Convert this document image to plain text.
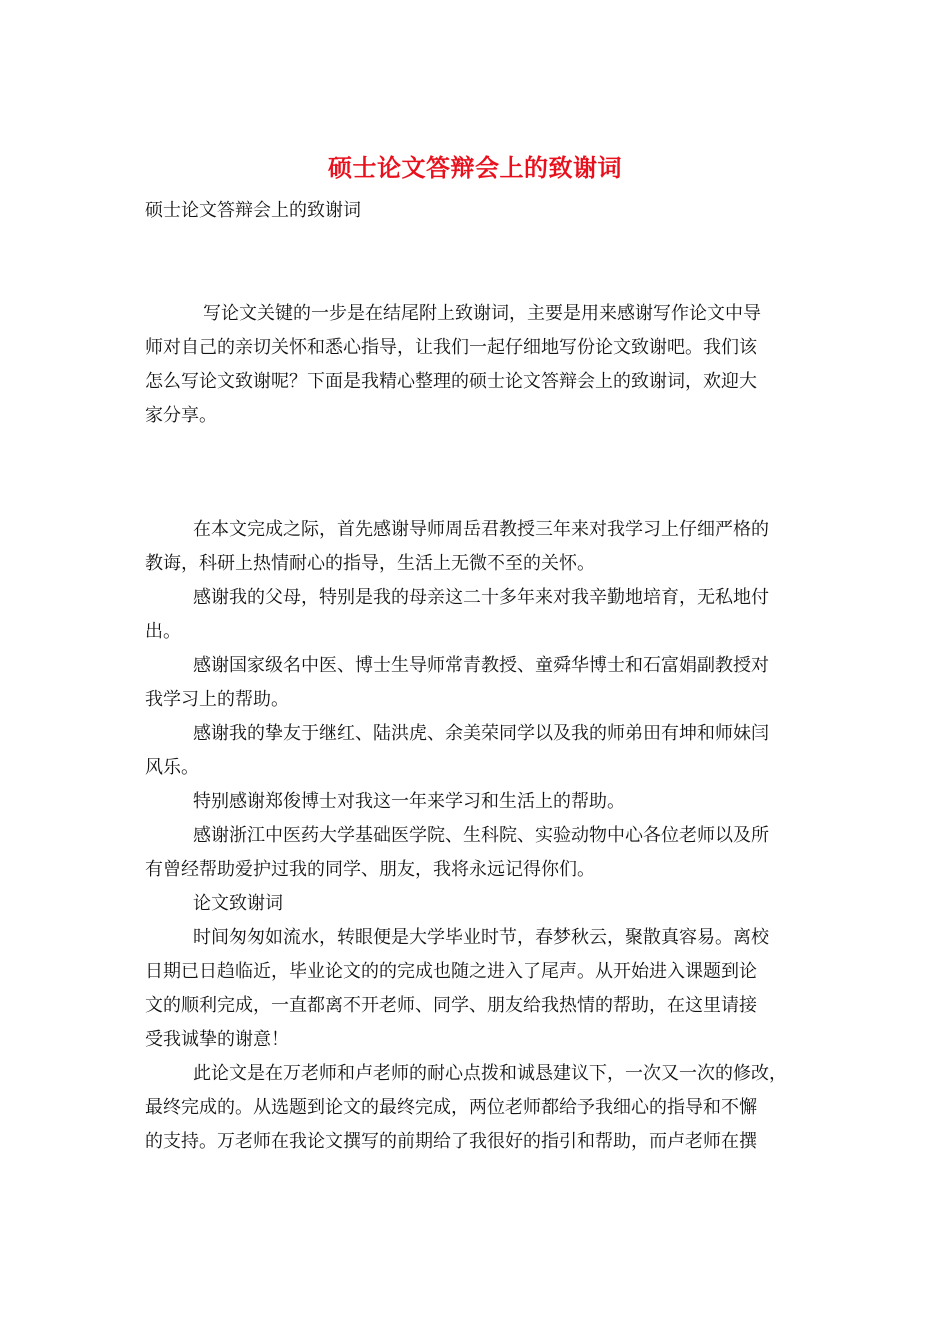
硕士论文答辩会上的致谢词
硕士论文答辩会上的致谢词
写论文关键的一步是在结尾附上致谢词，主要是用来感谢写作论文中导
师对自己的亲切关怀和悉心指导，让我们一起仔细地写份论文致谢吧。我们该
怎么写论文致谢呢？下面是我精心整理的硕士论文答辩会上的致谢词，欢迎大
家分享。
在本文完成之际，首先感谢导师周岳君教授三年来对我学习上仔细严格的
教诲，科研上热情耐心的指导，生活上无微不至的关怀。
感谢我的父母，特别是我的母亲这二十多年来对我辛勤地培育，无私地付
出。
感谢国家级名中医、博士生导师常青教授、童舜华博士和石富娟副教授对
我学习上的帮助。
感谢我的挚友于继红、陆洪虎、余美荣同学以及我的师弟田有坤和师妹闫
风乐。
特别感谢郑俊博士对我这一年来学习和生活上的帮助。
感谢浙江中医药大学基础医学院、生科院、实验动物中心各位老师以及所
有曾经帮助爱护过我的同学、朋友，我将永远记得你们。
论文致谢词
时间匆匆如流水，转眼便是大学毕业时节，春梦秋云，聚散真容易。离校
日期已日趋临近，毕业论文的的完成也随之进入了尾声。从开始进入课题到论
文的顺利完成，一直都离不开老师、同学、朋友给我热情的帮助，在这里请接
受我诚挚的谢意！
此论文是在万老师和卢老师的耐心点拨和诚恳建议下，一次又一次的修改，
最终完成的。从选题到论文的最终完成，两位老师都给予我细心的指导和不懈
的支持。万老师在我论文撰写的前期给了我很好的指引和帮助，而卢老师在撰
